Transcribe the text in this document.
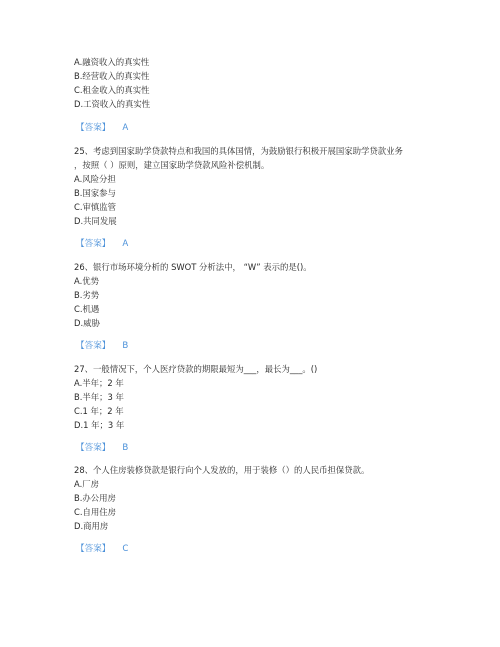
A.融资收入的真实性
B.经营收入的真实性
C.租金收入的真实性
D.工资收入的真实性
【答案】 A
25、考虑到国家助学贷款特点和我国的具体国情，为鼓励银行积极开展国家助学贷款业务
，按照（ ）原则，建立国家助学贷款风险补偿机制。
A.风险分担
B.国家参与
C.审慎监管
D.共同发展
【答案】 A
26、银行市场环境分析的 SWOT 分析法中， “W” 表示的是()。
A.优势
B.劣势
C.机遇
D.威胁
【答案】 B
27、一般情况下，个人医疗贷款的期限最短为___，最长为___。()
A.半年；2 年
B.半年；3 年
C.1 年；2 年
D.1 年；3 年
【答案】 B
28、个人住房装修贷款是银行向个人发放的，用于装修（）的人民币担保贷款。
A.厂房
B.办公用房
C.自用住房
D.商用房
【答案】 C
